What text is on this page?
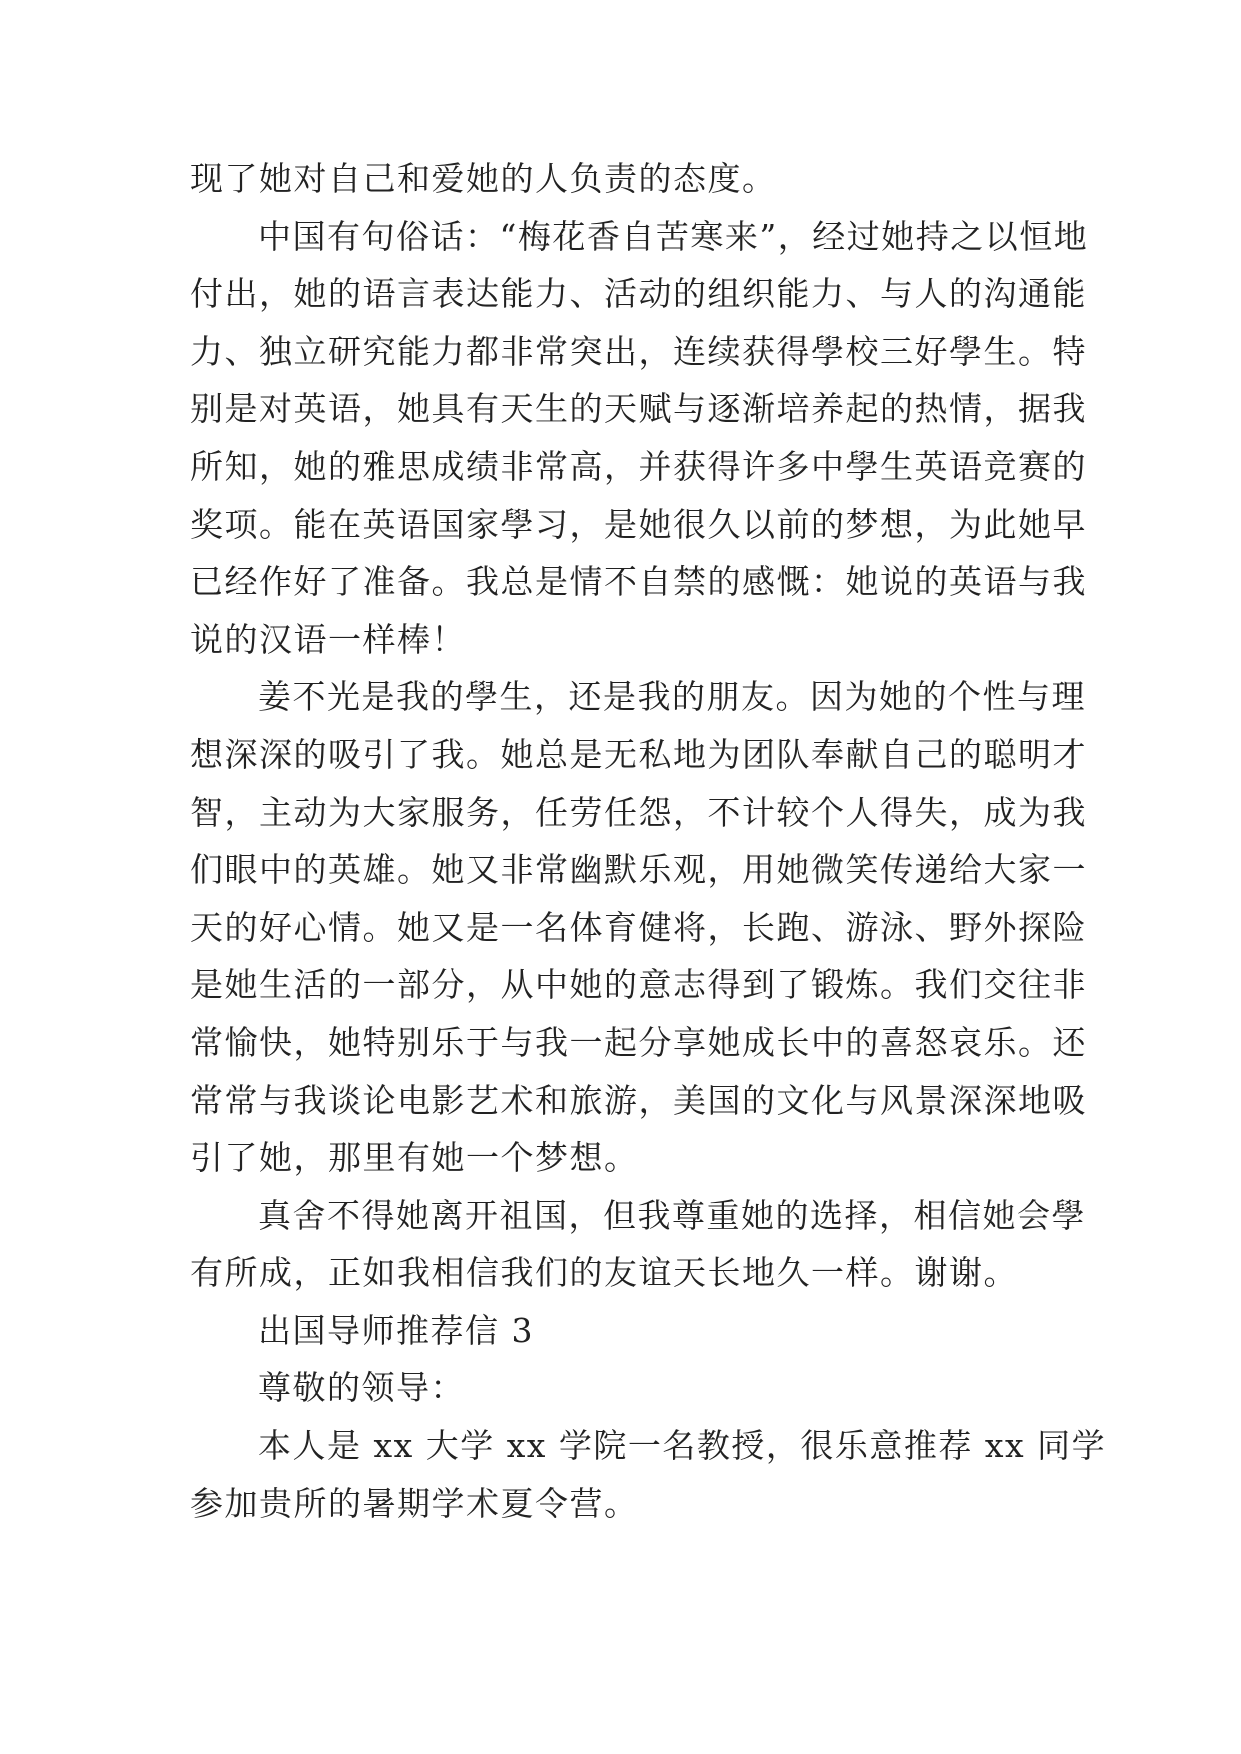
现了她对自己和爱她的人负责的态度。
中国有句俗话：“梅花香自苦寒来”，经过她持之以恒地
付出，她的语言表达能力、活动的组织能力、与人的沟通能
力、独立研究能力都非常突出，连续获得學校三好學生。特
别是对英语，她具有天生的天赋与逐渐培养起的热情，据我
所知，她的雅思成绩非常高，并获得许多中學生英语竞赛的
奖项。能在英语国家學习，是她很久以前的梦想，为此她早
已经作好了准备。我总是情不自禁的感慨：她说的英语与我
说的汉语一样棒！
姜不光是我的學生，还是我的朋友。因为她的个性与理
想深深的吸引了我。她总是无私地为团队奉献自己的聪明才
智，主动为大家服务，任劳任怨，不计较个人得失，成为我
们眼中的英雄。她又非常幽默乐观，用她微笑传递给大家一
天的好心情。她又是一名体育健将，长跑、游泳、野外探险
是她生活的一部分，从中她的意志得到了锻炼。我们交往非
常愉快，她特别乐于与我一起分享她成长中的喜怒哀乐。还
常常与我谈论电影艺术和旅游，美国的文化与风景深深地吸
引了她，那里有她一个梦想。
真舍不得她离开祖国，但我尊重她的选择，相信她会學
有所成，正如我相信我们的友谊天长地久一样。谢谢。
出国导师推荐信 3
尊敬的领导：
本人是 xx 大学 xx 学院一名教授，很乐意推荐 xx 同学
参加贵所的暑期学术夏令营。
